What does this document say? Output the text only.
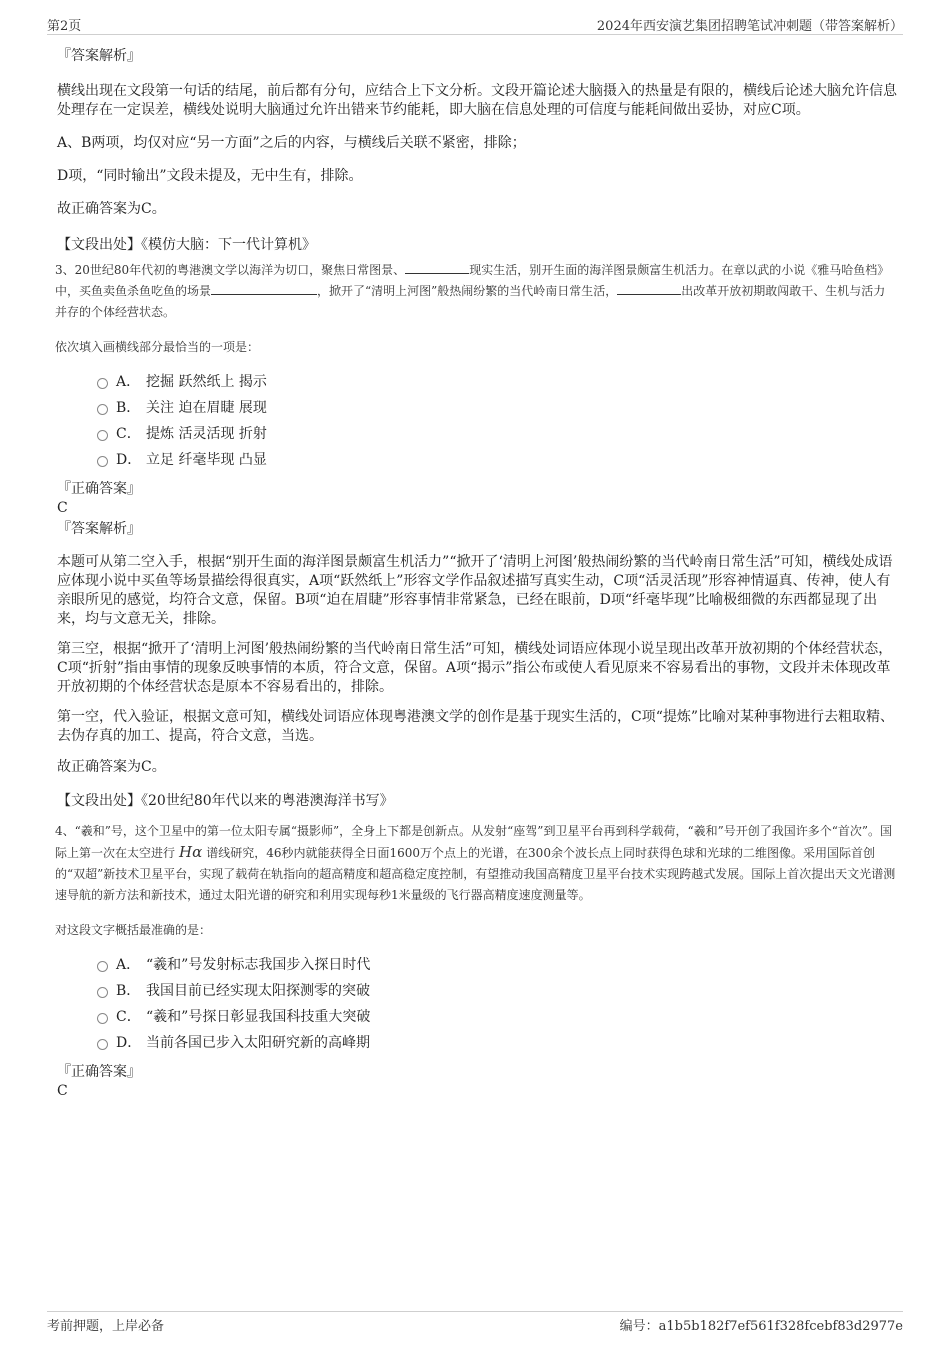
第2页	2024年西安演艺集团招聘笔试冲刺题（带答案解析）
『答案解析』

横线出现在文段第一句话的结尾，前后都有分句，应结合上下文分析。文段开篇论述大脑摄入的热量是有限的，横线后论述大脑允许信息处理存在一定误差，横线处说明大脑通过允许出错来节约能耗，即大脑在信息处理的可信度与能耗间做出妥协，对应C项。

A、B两项，均仅对应“另一方面”之后的内容，与横线后关联不紧密，排除；

D项，“同时输出”文段未提及，无中生有，排除。

故正确答案为C。

【文段出处】《模仿大脑：下一代计算机》
3、20世纪80年代初的粤港澳文学以海洋为切口，聚焦日常图景、	现实生活，别开生面的海洋图景颇富生机活力。在章以武的小说《雅马哈鱼档》中，买鱼卖鱼杀鱼吃鱼的场景	，掀开了“清明上河图”般热闹纷繁的当代岭南日常生活，	出改革开放初期敢闯敢干、生机与活力并存的个体经营状态。
依次填入画横线部分最恰当的一项是：
A． 挖掘 跃然纸上 揭示
B． 关注 迫在眉睫 展现
C． 提炼 活灵活现 折射
D． 立足 纤毫毕现 凸显
『正确答案』
C
『答案解析』

本题可从第二空入手，根据“别开生面的海洋图景颇富生机活力”“掀开了‘清明上河图’般热闹纷繁的当代岭南日常生活”可知，横线处成语应体现小说中买鱼等场景描绘得很真实，A项“跃然纸上”形容文学作品叙述描写真实生动，C项“活灵活现”形容神情逼真、传神，使人有亲眼所见的感觉，均符合文意，保留。B项“迫在眉睫”形容事情非常紧急，已经在眼前，D项“纤毫毕现”比喻极细微的东西都显现了出来，均与文意无关，排除。

第三空，根据“掀开了‘清明上河图’般热闹纷繁的当代岭南日常生活”可知，横线处词语应体现小说呈现出改革开放初期的个体经营状态，C项“折射”指由事情的现象反映事情的本质，符合文意，保留。A项“揭示”指公布或使人看见原来不容易看出的事物，文段并未体现改革开放初期的个体经营状态是原本不容易看出的，排除。

第一空，代入验证，根据文意可知，横线处词语应体现粤港澳文学的创作是基于现实生活的，C项“提炼”比喻对某种事物进行去粗取精、去伪存真的加工、提高，符合文意，当选。

故正确答案为C。

【文段出处】《20世纪80年代以来的粤港澳海洋书写》
4、“羲和”号，这个卫星中的第一位太阳专属“摄影师”，全身上下都是创新点。从发射“座驾”到卫星平台再到科学载荷，“羲和”号开创了我国许多个“首次”。国际上第一次在太空进行 Hα 谱线研究，46秒内就能获得全日面1600万个点上的光谱，在300余个波长点上同时获得色球和光球的二维图像。采用国际首创的“双超”新技术卫星平台，实现了载荷在轨指向的超高精度和超高稳定度控制，有望推动我国高精度卫星平台技术实现跨越式发展。国际上首次提出天文光谱测速导航的新方法和新技术，通过太阳光谱的研究和利用实现每秒1米量级的飞行器高精度速度测量等。
对这段文字概括最准确的是：
A． “羲和”号发射标志我国步入探日时代
B． 我国目前已经实现太阳探测零的突破
C． “羲和”号探日彰显我国科技重大突破
D． 当前各国已步入太阳研究新的高峰期
『正确答案』
C
考前押题，上岸必备	编号：a1b5b182f7ef561f328fcebf83d2977e
